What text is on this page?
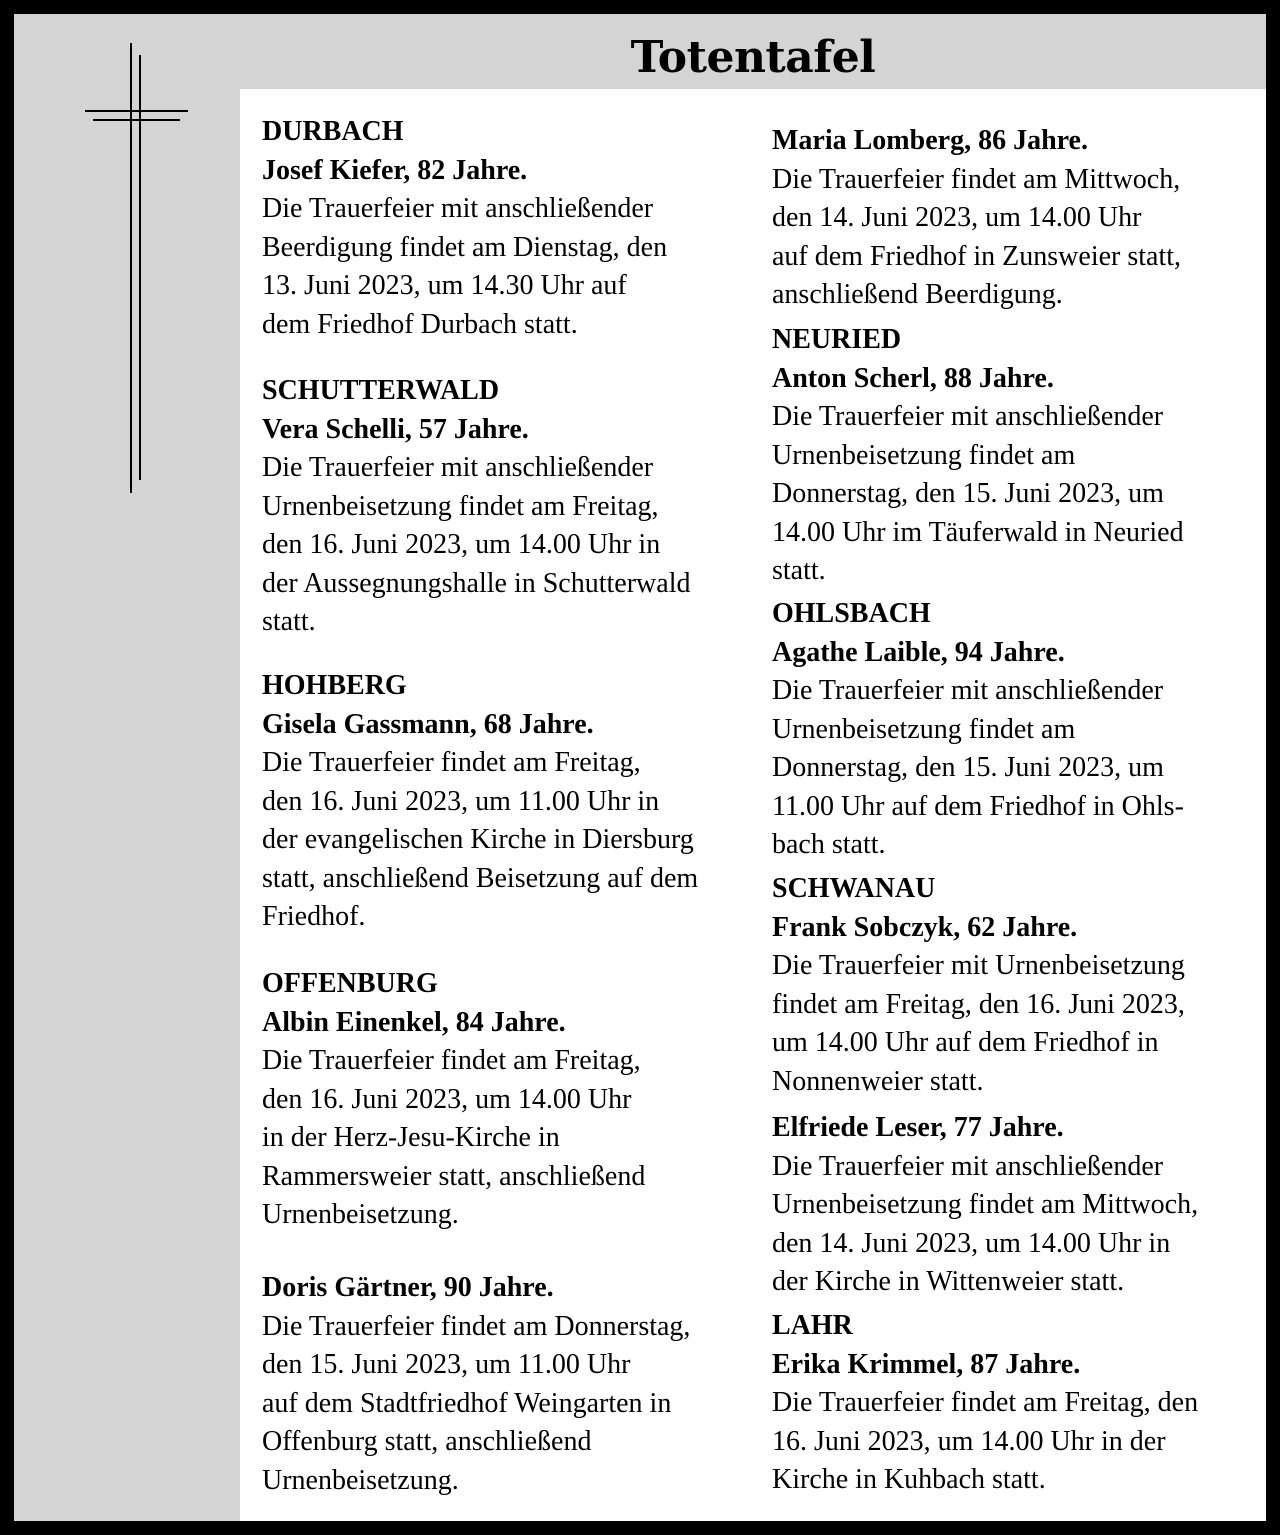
Totentafel
DURBACH
Josef Kiefer, 82 Jahre.
Die Trauerfeier mit anschließender
Beerdigung findet am Dienstag, den
13. Juni 2023, um 14.30 Uhr auf
dem Friedhof Durbach statt.
SCHUTTERWALD
Vera Schelli, 57 Jahre.
Die Trauerfeier mit anschließender
Urnenbeisetzung findet am Freitag,
den 16. Juni 2023, um 14.00 Uhr in
der Aussegnungshalle in Schutterwald
statt.
HOHBERG
Gisela Gassmann, 68 Jahre.
Die Trauerfeier findet am Freitag,
den 16. Juni 2023, um 11.00 Uhr in
der evangelischen Kirche in Diersburg
statt, anschließend Beisetzung auf dem
Friedhof.
OFFENBURG
Albin Einenkel, 84 Jahre.
Die Trauerfeier findet am Freitag,
den 16. Juni 2023, um 14.00 Uhr
in der Herz-Jesu-Kirche in
Rammersweier statt, anschließend
Urnenbeisetzung.
Doris Gärtner, 90 Jahre.
Die Trauerfeier findet am Donnerstag,
den 15. Juni 2023, um 11.00 Uhr
auf dem Stadtfriedhof Weingarten in
Offenburg statt, anschließend
Urnenbeisetzung.
Maria Lomberg, 86 Jahre.
Die Trauerfeier findet am Mittwoch,
den 14. Juni 2023, um 14.00 Uhr
auf dem Friedhof in Zunsweier statt,
anschließend Beerdigung.
NEURIED
Anton Scherl, 88 Jahre.
Die Trauerfeier mit anschließender
Urnenbeisetzung findet am
Donnerstag, den 15. Juni 2023, um
14.00 Uhr im Täuferwald in Neuried
statt.
OHLSBACH
Agathe Laible, 94 Jahre.
Die Trauerfeier mit anschließender
Urnenbeisetzung findet am
Donnerstag, den 15. Juni 2023, um
11.00 Uhr auf dem Friedhof in Ohls-
bach statt.
SCHWANAU
Frank Sobczyk, 62 Jahre.
Die Trauerfeier mit Urnenbeisetzung
findet am Freitag, den 16. Juni 2023,
um 14.00 Uhr auf dem Friedhof in
Nonnenweier statt.
Elfriede Leser, 77 Jahre.
Die Trauerfeier mit anschließender
Urnenbeisetzung findet am Mittwoch,
den 14. Juni 2023, um 14.00 Uhr in
der Kirche in Wittenweier statt.
LAHR
Erika Krimmel, 87 Jahre.
Die Trauerfeier findet am Freitag, den
16. Juni 2023, um 14.00 Uhr in der
Kirche in Kuhbach statt.
